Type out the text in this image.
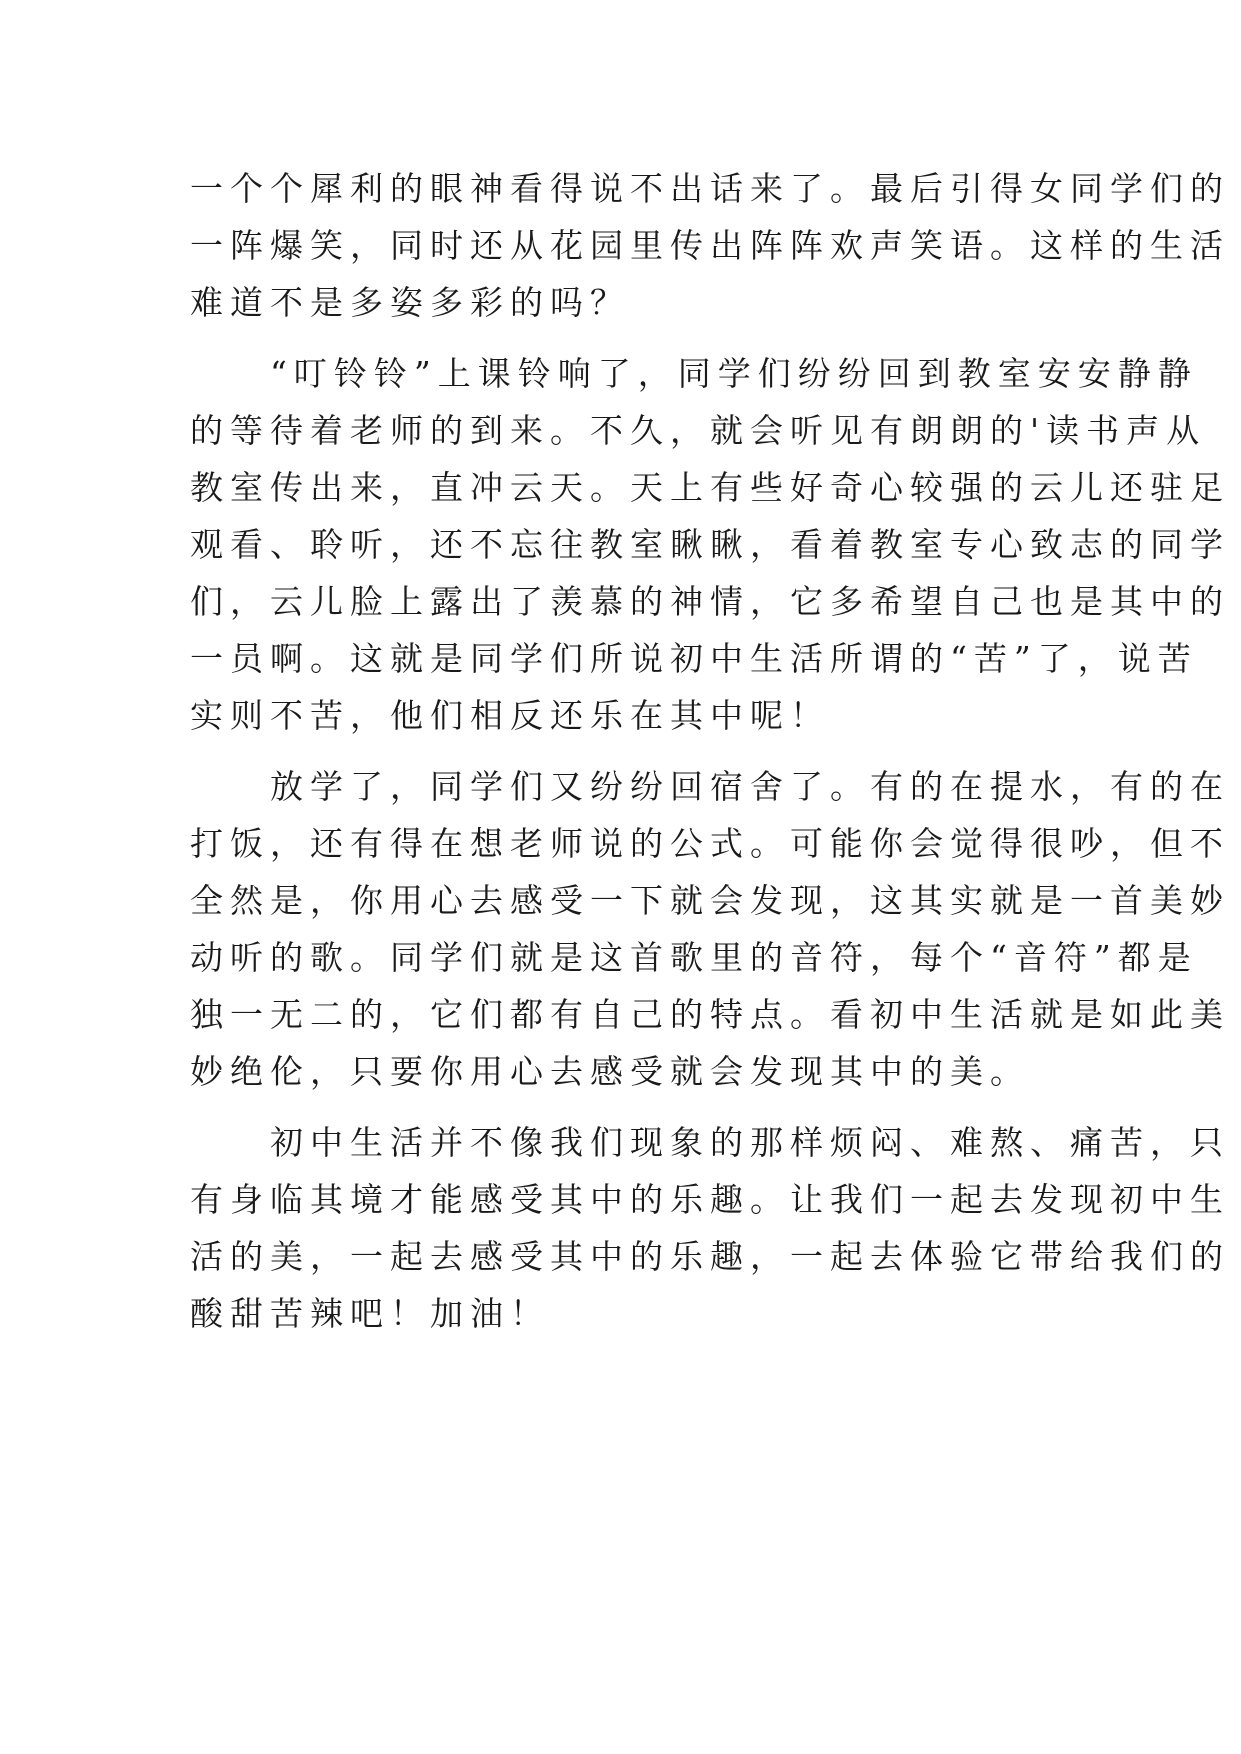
一个个犀利的眼神看得说不出话来了。最后引得女同学们的
一阵爆笑，同时还从花园里传出阵阵欢声笑语。这样的生活
难道不是多姿多彩的吗？
“叮铃铃”上课铃响了，同学们纷纷回到教室安安静静
的等待着老师的到来。不久，就会听见有朗朗的'读书声从
教室传出来，直冲云天。天上有些好奇心较强的云儿还驻足
观看、聆听，还不忘往教室瞅瞅，看着教室专心致志的同学
们，云儿脸上露出了羡慕的神情，它多希望自己也是其中的
一员啊。这就是同学们所说初中生活所谓的“苦”了，说苦
实则不苦，他们相反还乐在其中呢！
放学了，同学们又纷纷回宿舍了。有的在提水，有的在
打饭，还有得在想老师说的公式。可能你会觉得很吵，但不
全然是，你用心去感受一下就会发现，这其实就是一首美妙
动听的歌。同学们就是这首歌里的音符，每个“音符”都是
独一无二的，它们都有自己的特点。看初中生活就是如此美
妙绝伦，只要你用心去感受就会发现其中的美。
初中生活并不像我们现象的那样烦闷、难熬、痛苦，只
有身临其境才能感受其中的乐趣。让我们一起去发现初中生
活的美，一起去感受其中的乐趣，一起去体验它带给我们的
酸甜苦辣吧！加油！
